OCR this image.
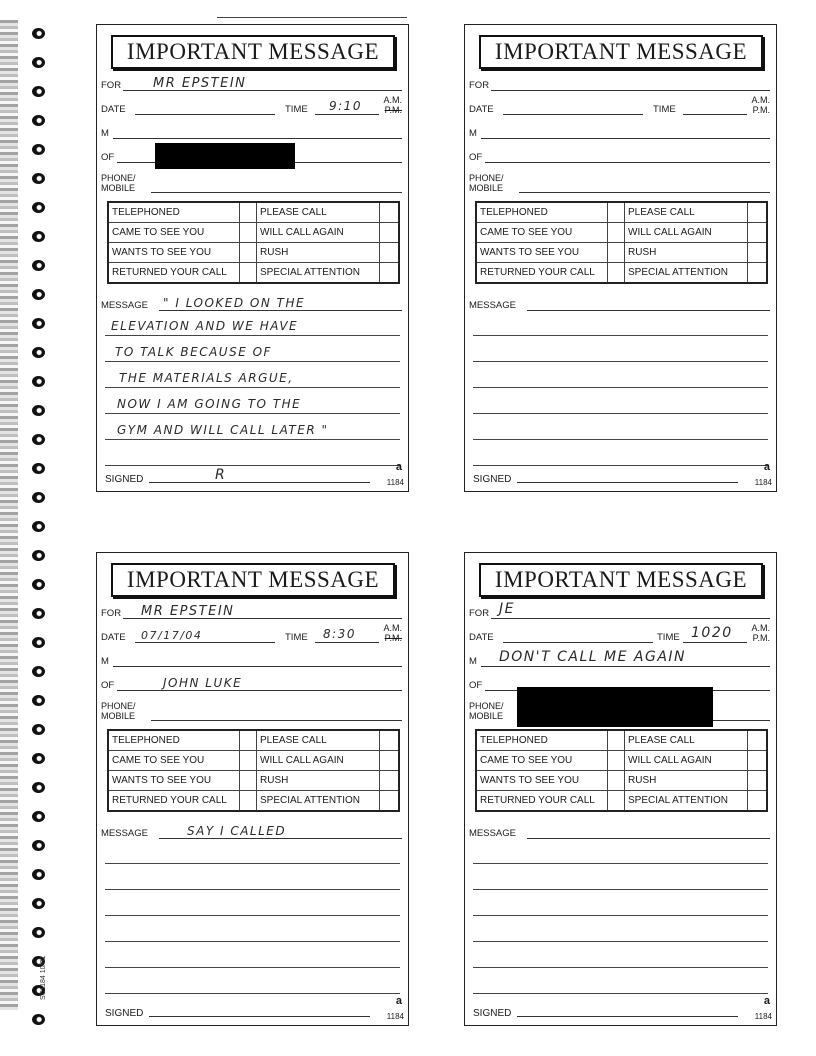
SC1184 10/01
IMPORTANT MESSAGE
FOR MR EPSTEIN
DATE	TIME 9:10 A.M.
P.M.
M
OF
PHONE/
MOBILE
TELEPHONED	PLEASE CALL
CAME TO SEE YOU	WILL CALL AGAIN
WANTS TO SEE YOU	RUSH
RETURNED YOUR CALL	SPECIAL ATTENTION
MESSAGE " I LOOKED ON THE
ELEVATION AND WE HAVE
TO TALK BECAUSE OF
THE MATERIALS ARGUE,
NOW I AM GOING TO THE
GYM AND WILL CALL LATER "
SIGNED	R	a
1184
IMPORTANT MESSAGE
FOR
DATE	TIME
A.M.
P.M.
M
OF
PHONE/
MOBILE
TELEPHONED	PLEASE CALL
CAME TO SEE YOU	WILL CALL AGAIN
WANTS TO SEE YOU	RUSH
RETURNED YOUR CALL	SPECIAL ATTENTION
MESSAGE
SIGNED
a
1184
IMPORTANT MESSAGE
FOR MR EPSTEIN
DATE 07/17/04	TIME 8:30	A.M.
P.M.
M
OF	JOHN LUKE
PHONE/
MOBILE
TELEPHONED	PLEASE CALL
CAME TO SEE YOU	WILL CALL AGAIN
WANTS TO SEE YOU	RUSH
RETURNED YOUR CALL	SPECIAL ATTENTION
MESSAGE	SAY I CALLED
SIGNED
a
1184
IMPORTANT MESSAGE
FOR JE
DATE	TIME 1020 A.M.
P.M.
M DON'T CALL ME AGAIN
OF
PHONE/
MOBILE
TELEPHONED	PLEASE CALL
CAME TO SEE YOU	WILL CALL AGAIN
WANTS TO SEE YOU	RUSH
RETURNED YOUR CALL	SPECIAL ATTENTION
MESSAGE
SIGNED
a
1184
